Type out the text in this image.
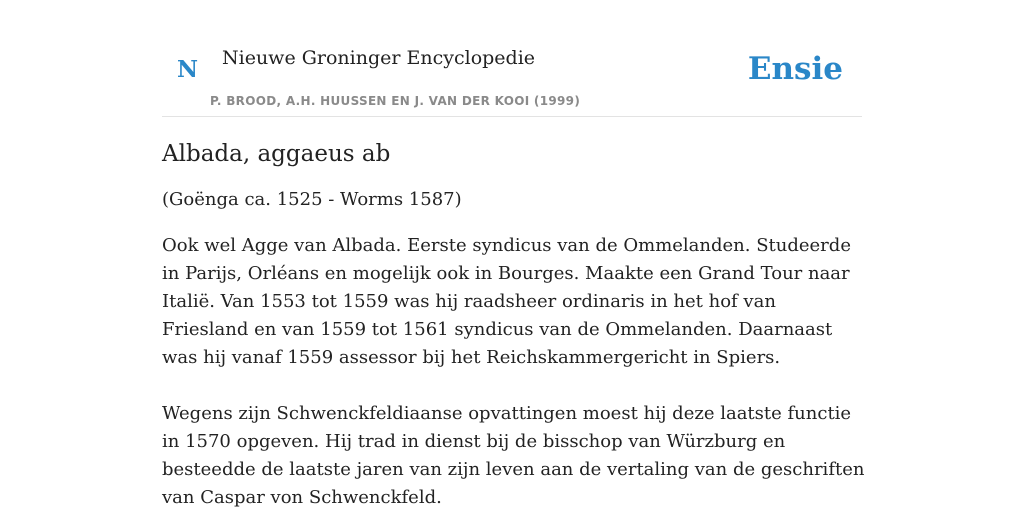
N Nieuwe Groninger Encyclopedie
P. BROOD, A.H. HUUSSEN EN J. VAN DER KOOI (1999)
Ensie
Albada, aggaeus ab

(Goënga ca. 1525 - Worms 1587)

Ook wel Agge van Albada. Eerste syndicus van de Ommelanden. Studeerde in Parijs, Orléans en mogelijk ook in Bourges. Maakte een Grand Tour naar Italië. Van 1553 tot 1559 was hij raadsheer ordinaris in het hof van Friesland en van 1559 tot 1561 syndicus van de Ommelanden. Daarnaast was hij vanaf 1559 assessor bij het Reichskammergericht in Spiers.

Wegens zijn Schwenckfeldiaanse opvattingen moest hij deze laatste functie in 1570 opgeven. Hij trad in dienst bij de bisschop van Würzburg en besteedde de laatste jaren van zijn leven aan de vertaling van de geschriften van Caspar von Schwenckfeld.
